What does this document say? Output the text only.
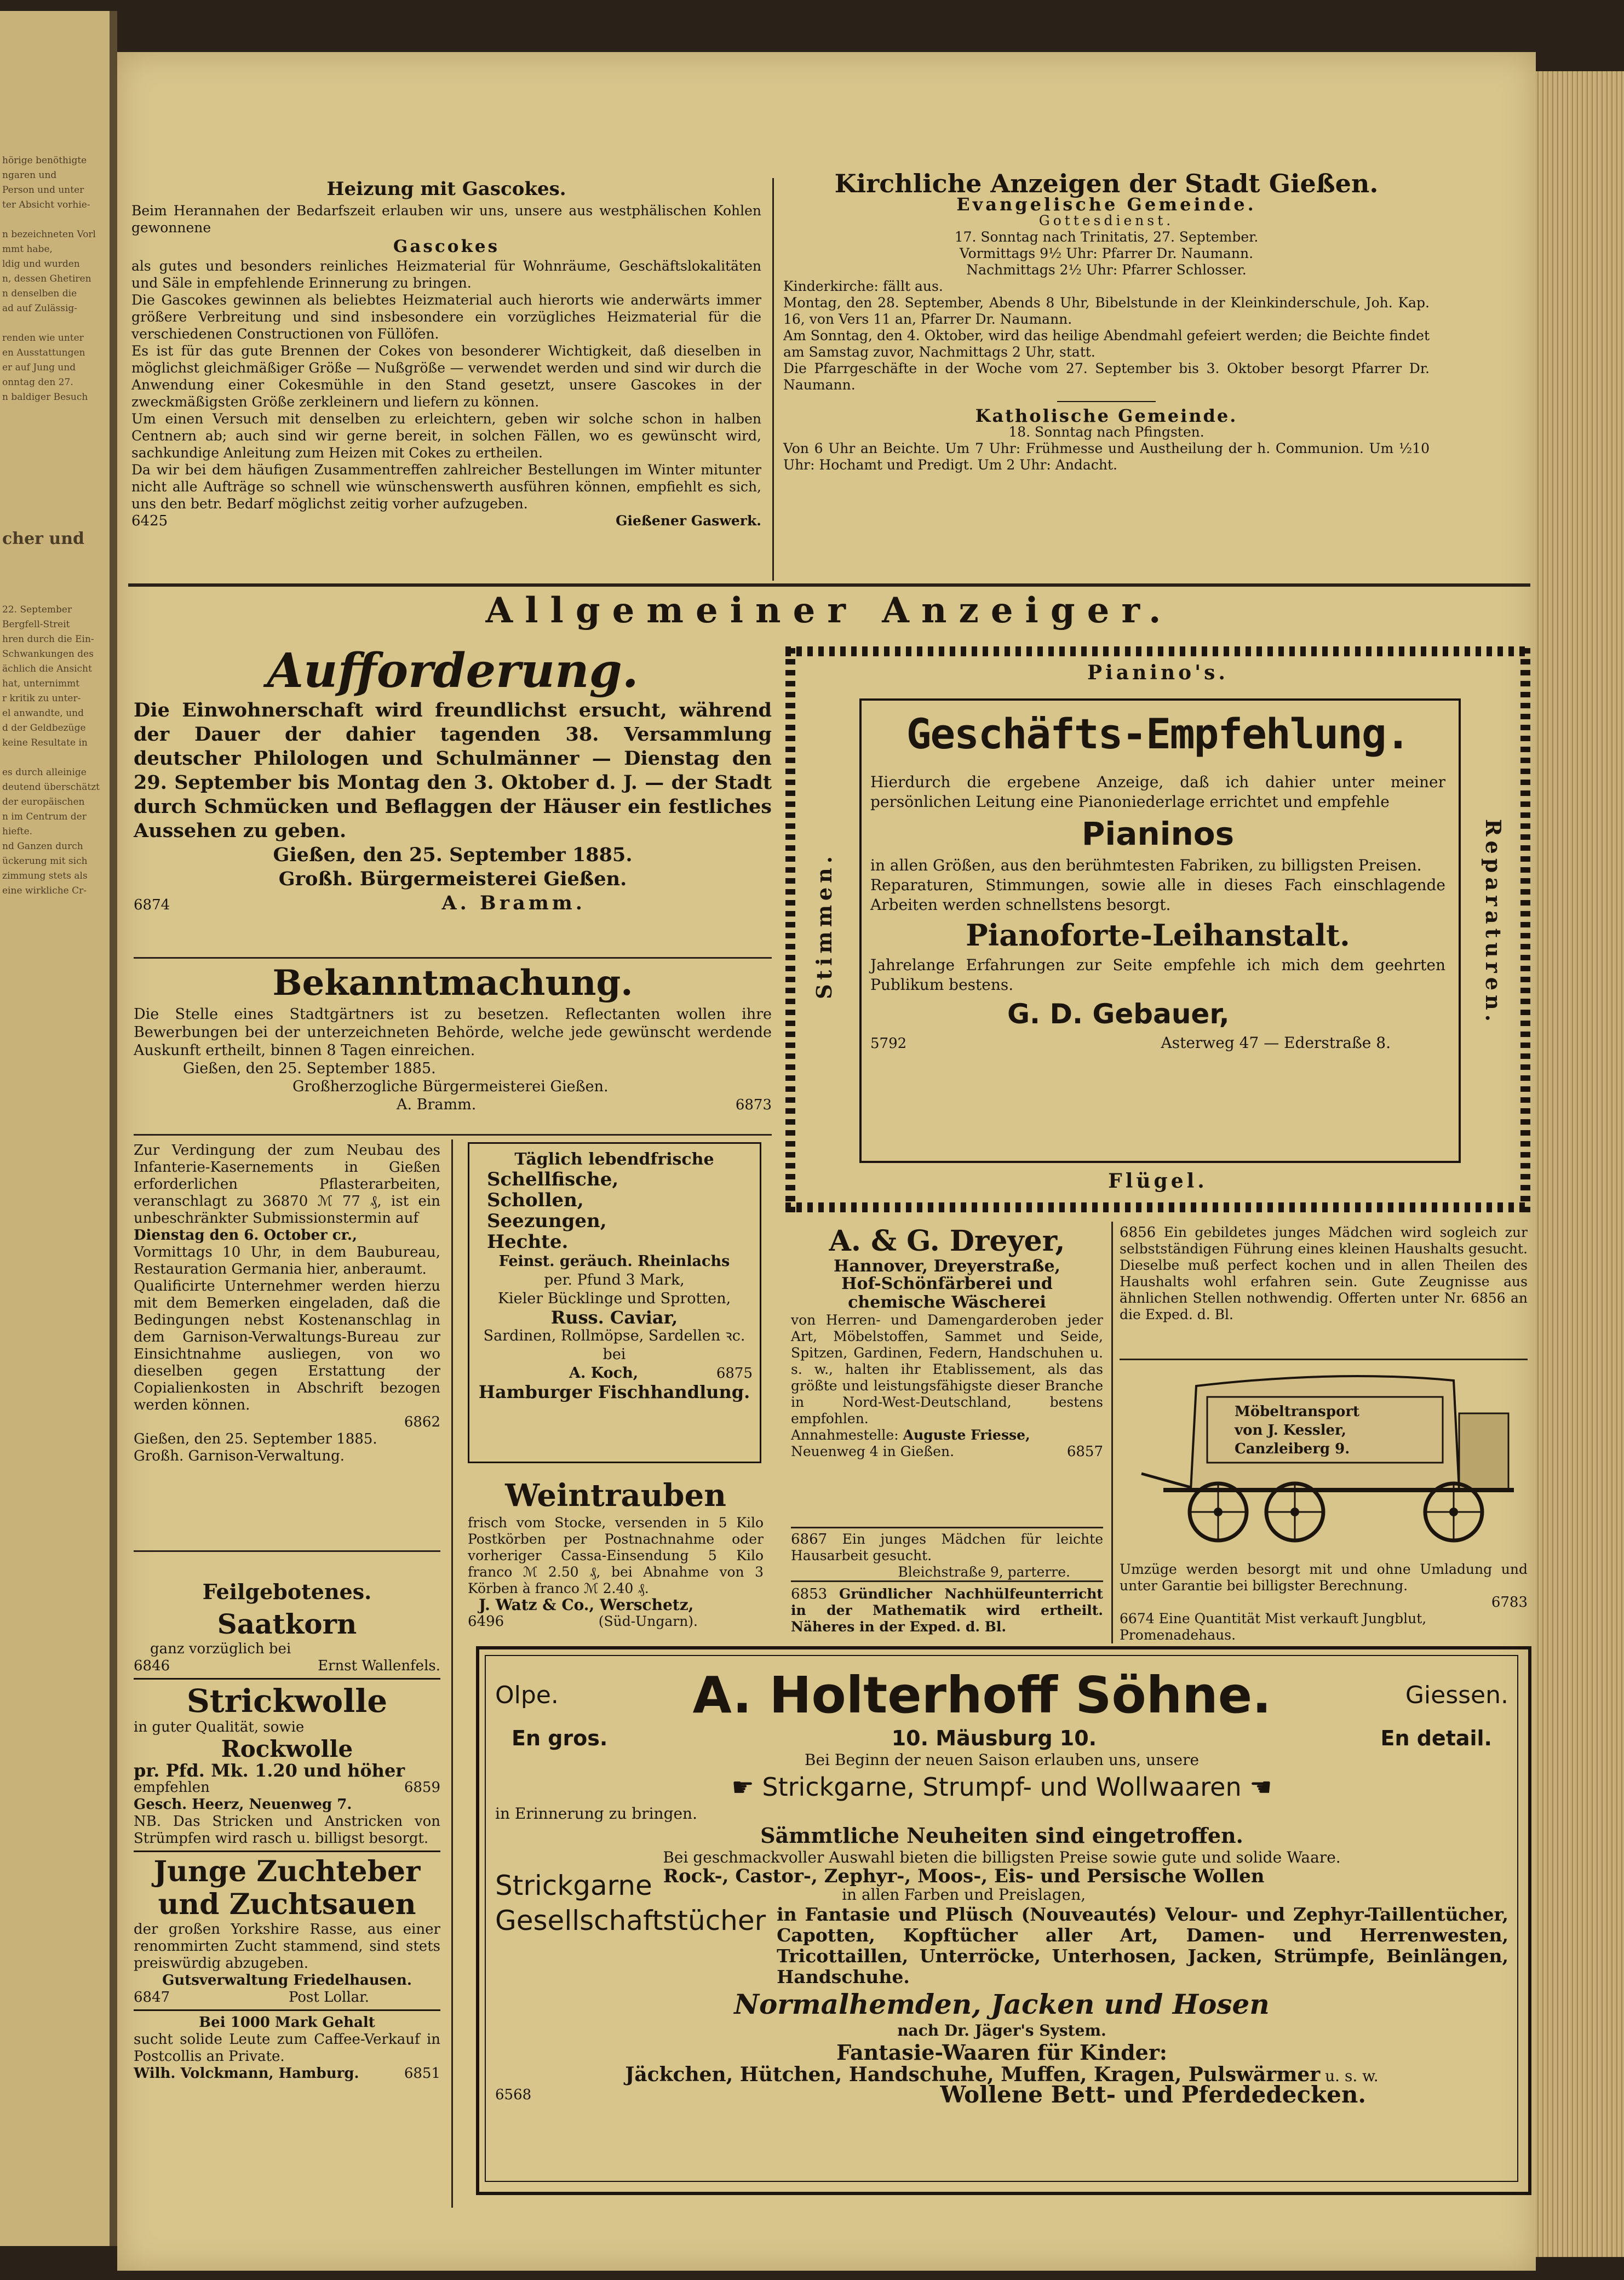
hörige benöthigte
ngaren und
Person und unter
ter Absicht vorhie-

n bezeichneten Vorl
mmt habe,
ldig und wurden
n, dessen Ghetiren
n denselben die
ad auf Zulässig-

renden wie unter
en Ausstattungen
er auf Jung und
onntag den 27.
n baldiger Besuch
cher und
22. September
Bergfell-Streit
hren durch die Ein-
Schwankungen des
ächlich die Ansicht
hat, unternimmt
r kritik zu unter-
el anwandte, und
d der Geldbezüge
keine Resultate in

es durch alleinige
deutend überschätzt
der europäischen
n im Centrum der
hiefte.
nd Ganzen durch
ückerung mit sich
zimmung stets als
eine wirkliche Cr-
Heizung mit Gascokes.
Beim Herannahen der Bedarfszeit erlauben wir uns, unsere aus westphälischen Kohlen gewonnene
Gascokes
als gutes und besonders reinliches Heizmaterial für Wohnräume, Geschäftslokalitäten und Säle in empfehlende Erinnerung zu bringen.
Die Gascokes gewinnen als beliebtes Heizmaterial auch hierorts wie anderwärts immer größere Verbreitung und sind insbesondere ein vorzügliches Heizmaterial für die verschiedenen Constructionen von Füllöfen.
Es ist für das gute Brennen der Cokes von besonderer Wichtigkeit, daß dieselben in möglichst gleichmäßiger Größe — Nußgröße — verwendet werden und sind wir durch die Anwendung einer Cokesmühle in den Stand gesetzt, unsere Gascokes in der zweckmäßigsten Größe zerkleinern und liefern zu können.
Um einen Versuch mit denselben zu erleichtern, geben wir solche schon in halben Centnern ab; auch sind wir gerne bereit, in solchen Fällen, wo es gewünscht wird, sachkundige Anleitung zum Heizen mit Cokes zu ertheilen.
Da wir bei dem häufigen Zusammentreffen zahlreicher Bestellungen im Winter mitunter nicht alle Aufträge so schnell wie wünschenswerth ausführen können, empfiehlt es sich, uns den betr. Bedarf möglichst zeitig vorher aufzugeben.
6425	Gießener Gaswerk.
Kirchliche Anzeigen der Stadt Gießen.
Evangelische Gemeinde.
Gottesdienst.
17. Sonntag nach Trinitatis, 27. September.
Vormittags 9½ Uhr: Pfarrer Dr. Naumann.
Nachmittags 2½ Uhr: Pfarrer Schlosser.
Kinderkirche: fällt aus.
Montag, den 28. September, Abends 8 Uhr, Bibelstunde in der Kleinkinderschule, Joh. Kap. 16, von Vers 11 an, Pfarrer Dr. Naumann.
Am Sonntag, den 4. Oktober, wird das heilige Abendmahl gefeiert werden; die Beichte findet am Samstag zuvor, Nachmittags 2 Uhr, statt.
Die Pfarrgeschäfte in der Woche vom 27. September bis 3. Oktober besorgt Pfarrer Dr. Naumann.
Katholische Gemeinde.
18. Sonntag nach Pfingsten.
Von 6 Uhr an Beichte. Um 7 Uhr: Frühmesse und Austheilung der h. Communion. Um ½10 Uhr: Hochamt und Predigt. Um 2 Uhr: Andacht.
Allgemeiner Anzeiger.
Aufforderung.
Die Einwohnerschaft wird freundlichst ersucht, während der Dauer der dahier tagenden 38. Versammlung deutscher Philologen und Schulmänner — Dienstag den 29. September bis Montag den 3. Oktober d. J. — der Stadt durch Schmücken und Beflaggen der Häuser ein festliches Aussehen zu geben.
Gießen, den 25. September 1885.
Großh. Bürgermeisterei Gießen.
6874	A. Bramm.
Bekanntmachung.
Die Stelle eines Stadtgärtners ist zu besetzen. Reflectanten wollen ihre Bewerbungen bei der unterzeichneten Behörde, welche jede gewünscht werdende Auskunft ertheilt, binnen 8 Tagen einreichen.
Gießen, den 25. September 1885.
Großherzogliche Bürgermeisterei Gießen.
A. Bramm.	6873
Zur Verdingung der zum Neubau des Infanterie-Kasernements in Gießen erforderlichen Pflasterarbeiten, veranschlagt zu 36870 ℳ 77 ₰, ist ein unbeschränkter Submissionstermin auf
Dienstag den 6. October cr.,
Vormittags 10 Uhr, in dem Baubureau, Restauration Germania hier, anberaumt.
Qualificirte Unternehmer werden hierzu mit dem Bemerken eingeladen, daß die Bedingungen nebst Kostenanschlag in dem Garnison-Verwaltungs-Bureau zur Einsichtnahme ausliegen, von wo dieselben gegen Erstattung der Copialienkosten in Abschrift bezogen werden können.
6862
Gießen, den 25. September 1885.
Großh. Garnison-Verwaltung.
Täglich lebendfrische
Schellfische,
Schollen,
Seezungen,
Hechte.
Feinst. geräuch. Rheinlachs
per. Pfund 3 Mark,
Kieler Bücklinge und Sprotten,
Russ. Caviar,
Sardinen, Rollmöpse, Sardellen ꝛc. bei
A. Koch,	6875
Hamburger Fischhandlung.
Weintrauben
frisch vom Stocke, versenden in 5 Kilo Postkörben per Postnachnahme oder vorheriger Cassa-Einsendung 5 Kilo franco ℳ 2.50 ₰, bei Abnahme von 3 Körben à franco ℳ 2.40 ₰.
J. Watz & Co., Werschetz,
6496	(Süd-Ungarn).
Feilgebotenes.
Saatkorn
ganz vorzüglich bei
6846	Ernst Wallenfels.
Strickwolle
in guter Qualität, sowie
Rockwolle
pr. Pfd. Mk. 1.20 und höher
empfehlen	6859
Gesch. Heerz, Neuenweg 7.
NB. Das Stricken und Anstricken von Strümpfen wird rasch u. billigst besorgt.
Junge Zuchteber
und Zuchtsauen
der großen Yorkshire Rasse, aus einer renommirten Zucht stammend, sind stets preiswürdig abzugeben.
Gutsverwaltung Friedelhausen.
6847	Post Lollar.
Bei 1000 Mark Gehalt
sucht solide Leute zum Caffee-Verkauf in Postcollis an Private.
Wilh. Volckmann, Hamburg.	6851
Pianino's.
Flügel.
Stimmen.	Reparaturen.
Geschäfts-Empfehlung.
Hierdurch die ergebene Anzeige, daß ich dahier unter meiner persönlichen Leitung eine Pianoniederlage errichtet und empfehle
Pianinos
in allen Größen, aus den berühmtesten Fabriken, zu billigsten Preisen.
Reparaturen, Stimmungen, sowie alle in dieses Fach einschlagende Arbeiten werden schnellstens besorgt.
Pianoforte-Leihanstalt.
Jahrelange Erfahrungen zur Seite empfehle ich mich dem geehrten Publikum bestens.
G. D. Gebauer,
5792	Asterweg 47 — Ederstraße 8.
A. & G. Dreyer,
Hannover, Dreyerstraße,
Hof-Schönfärberei und chemische Wäscherei
von Herren- und Damengarderoben jeder Art, Möbelstoffen, Sammet und Seide, Spitzen, Gardinen, Federn, Handschuhen u. s. w., halten ihr Etablissement, als das größte und leistungsfähigste dieser Branche in Nord-West-Deutschland, bestens empfohlen.
Annahmestelle: Auguste Friesse,
Neuenweg 4 in Gießen.	6857
6867 Ein junges Mädchen für leichte Hausarbeit gesucht.
Bleichstraße 9, parterre.
6853 Gründlicher Nachhülfeunterricht in der Mathematik wird ertheilt. Näheres in der Exped. d. Bl.
6856 Ein gebildetes junges Mädchen wird sogleich zur selbstständigen Führung eines kleinen Haushalts gesucht. Dieselbe muß perfect kochen und in allen Theilen des Haushalts wohl erfahren sein. Gute Zeugnisse aus ähnlichen Stellen nothwendig. Offerten unter Nr. 6856 an die Exped. d. Bl.
Möbeltransport
von J. Kessler,
Canzleiberg 9.
Umzüge werden besorgt mit und ohne Umladung und unter Garantie bei billigster Berechnung.
6783
6674 Eine Quantität Mist verkauft Jungblut, Promenadehaus.
Olpe.	A. Holterhoff Söhne.	Giessen.
En gros.	10. Mäusburg 10.	En detail.
Bei Beginn der neuen Saison erlauben uns, unsere
☛ Strickgarne, Strumpf- und Wollwaaren ☚
in Erinnerung zu bringen.
Sämmtliche Neuheiten sind eingetroffen.
Bei geschmackvoller Auswahl bieten die billigsten Preise sowie gute und solide Waare.
Strickgarne Rock-, Castor-, Zephyr-, Moos-, Eis- und Persische Wollen
in allen Farben und Preislagen,
Gesellschaftstücher in Fantasie und Plüsch (Nouveautés) Velour- und Zephyr-Taillentücher, Capotten, Kopftücher aller Art, Damen- und Herrenwesten, Tricottaillen, Unterröcke, Unterhosen, Jacken, Strümpfe, Beinlängen, Handschuhe.
Normalhemden, Jacken und Hosen
nach Dr. Jäger's System.
Fantasie-Waaren für Kinder:
Jäckchen, Hütchen, Handschuhe, Muffen, Kragen, Pulswärmer u. s. w.
6568	Wollene Bett- und Pferdedecken.
